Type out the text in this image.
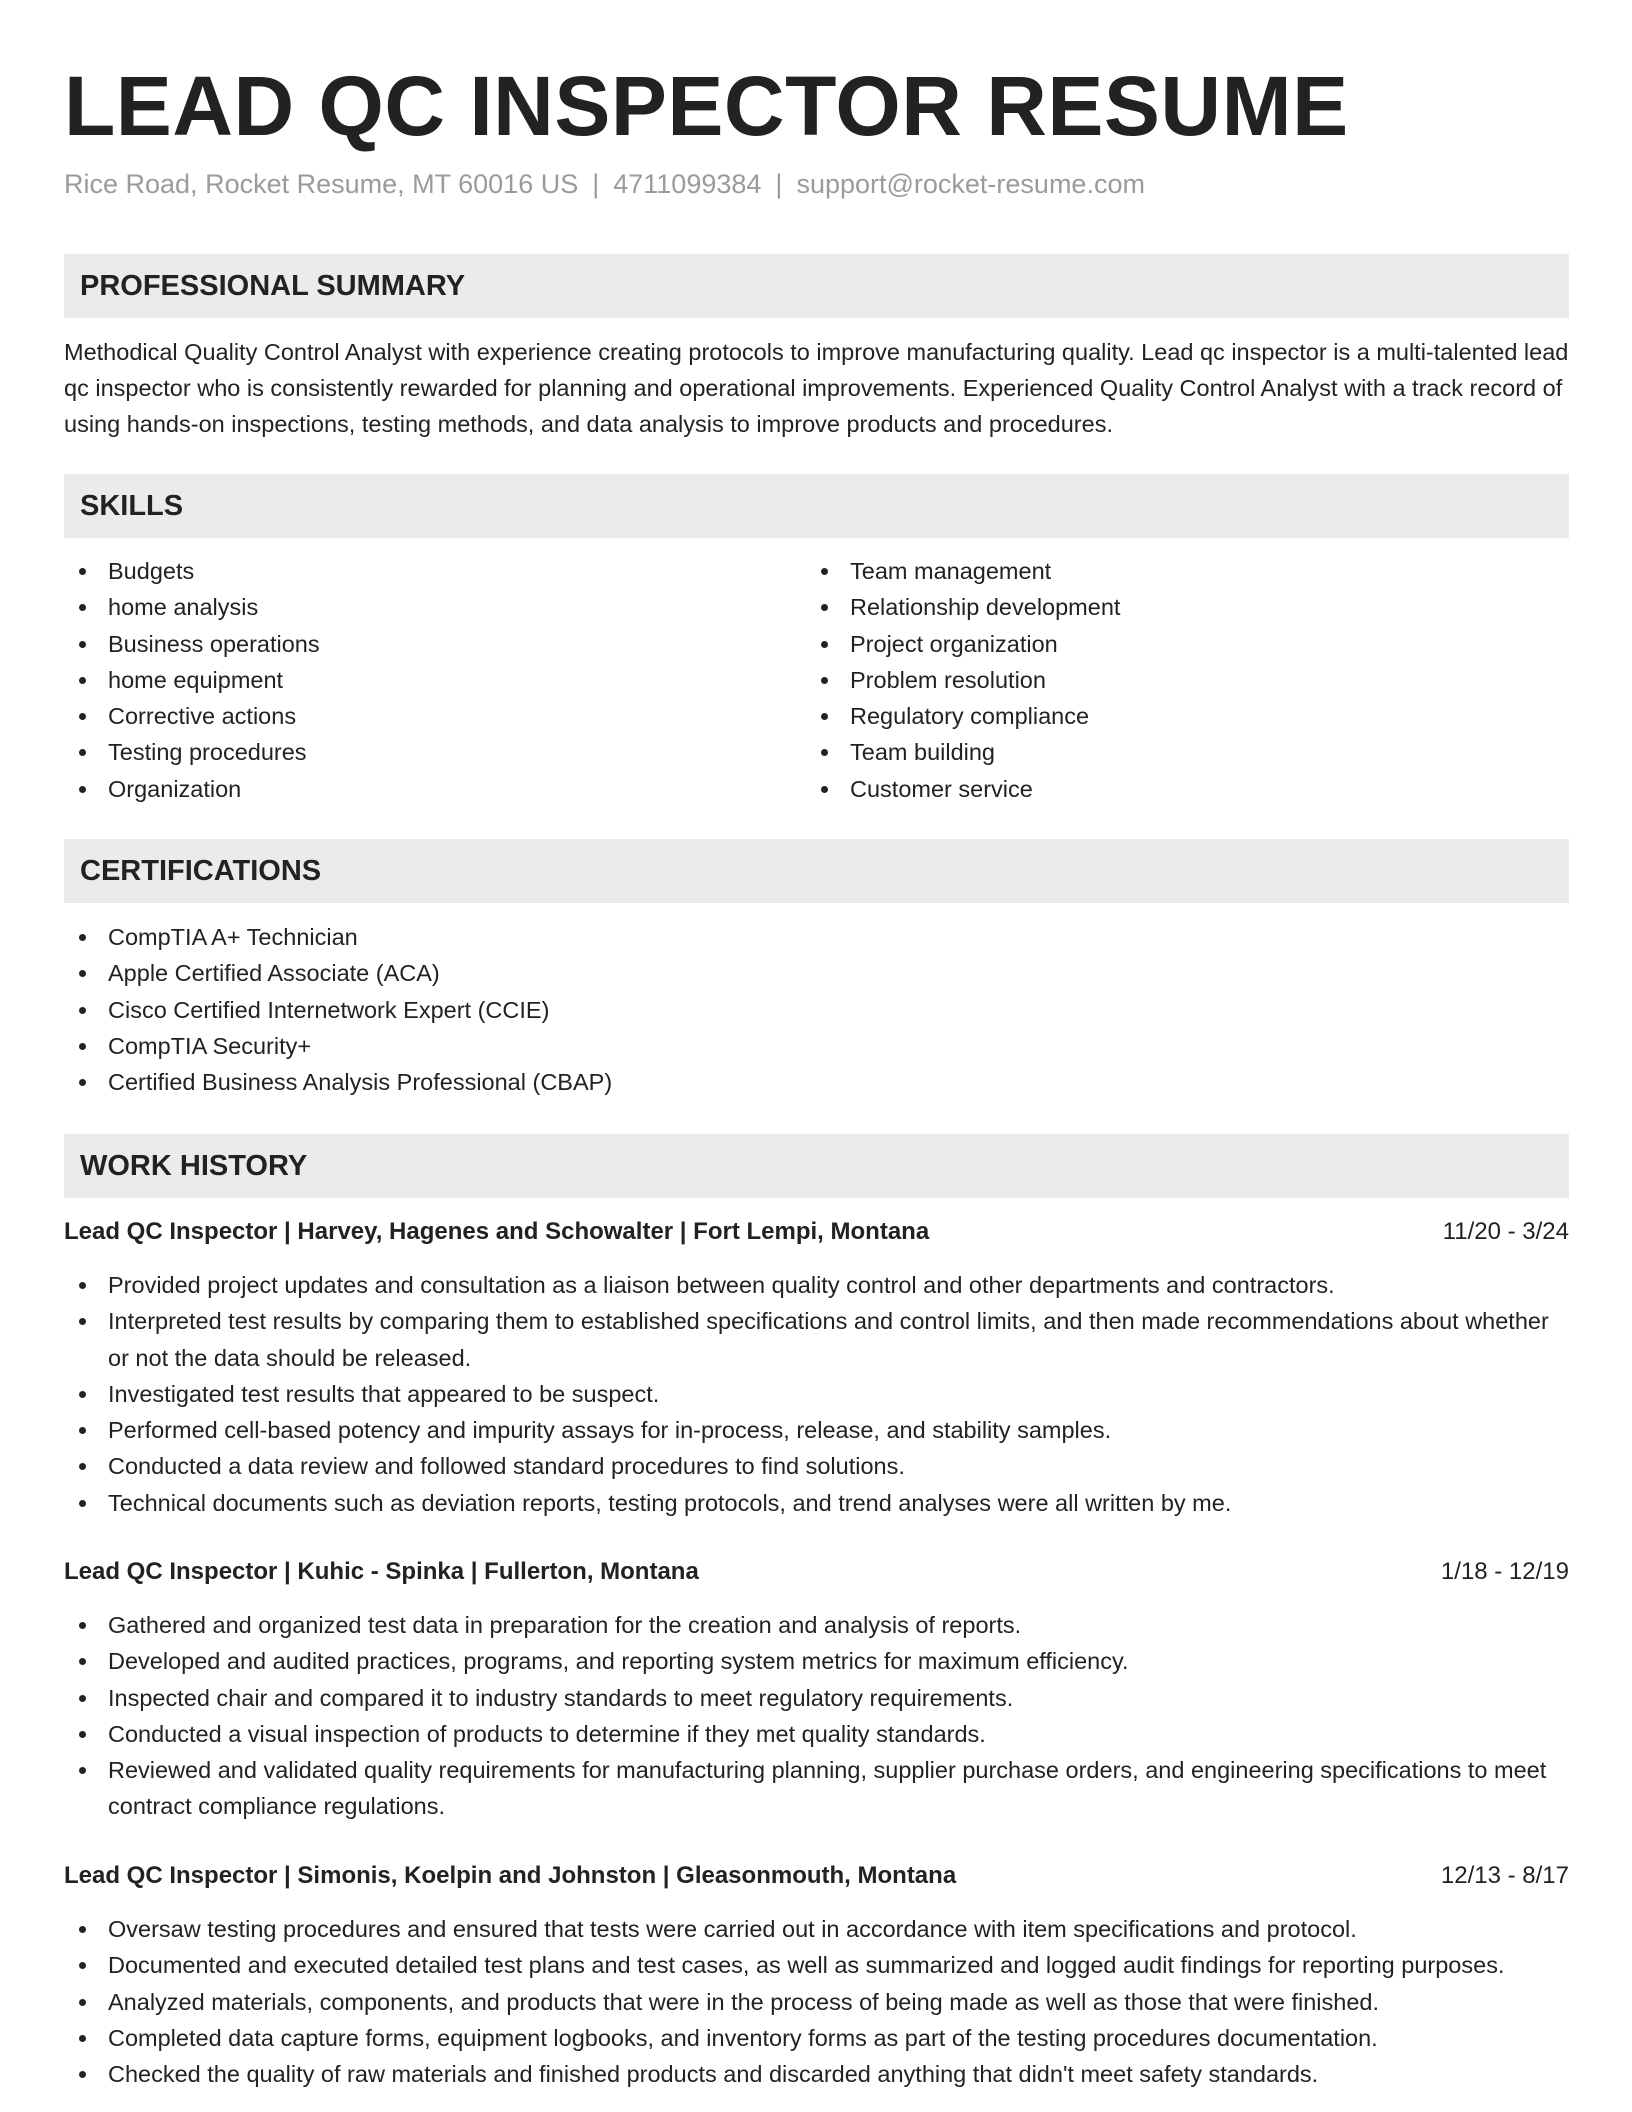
LEAD QC INSPECTOR RESUME
Rice Road, Rocket Resume, MT 60016 US | 4711099384 | support@rocket-resume.com
PROFESSIONAL SUMMARY

Methodical Quality Control Analyst with experience creating protocols to improve manufacturing quality. Lead qc inspector is a multi-talented lead qc inspector who is consistently rewarded for planning and operational improvements. Experienced Quality Control Analyst with a track record of using hands-on inspections, testing methods, and data analysis to improve products and procedures.

SKILLS
Budgets
home analysis
Business operations
home equipment
Corrective actions
Testing procedures
Organization
Team management
Relationship development
Project organization
Problem resolution
Regulatory compliance
Team building
Customer service
CERTIFICATIONS
CompTIA A+ Technician
Apple Certified Associate (ACA)
Cisco Certified Internetwork Expert (CCIE)
CompTIA Security+
Certified Business Analysis Professional (CBAP)
WORK HISTORY
Lead QC Inspector | Harvey, Hagenes and Schowalter | Fort Lempi, Montana	11/20 - 3/24
Provided project updates and consultation as a liaison between quality control and other departments and contractors.
Interpreted test results by comparing them to established specifications and control limits, and then made recommendations about whether or not the data should be released.
Investigated test results that appeared to be suspect.
Performed cell-based potency and impurity assays for in-process, release, and stability samples.
Conducted a data review and followed standard procedures to find solutions.
Technical documents such as deviation reports, testing protocols, and trend analyses were all written by me.
Lead QC Inspector | Kuhic - Spinka | Fullerton, Montana	1/18 - 12/19
Gathered and organized test data in preparation for the creation and analysis of reports.
Developed and audited practices, programs, and reporting system metrics for maximum efficiency.
Inspected chair and compared it to industry standards to meet regulatory requirements.
Conducted a visual inspection of products to determine if they met quality standards.
Reviewed and validated quality requirements for manufacturing planning, supplier purchase orders, and engineering specifications to meet contract compliance regulations.
Lead QC Inspector | Simonis, Koelpin and Johnston | Gleasonmouth, Montana	12/13 - 8/17
Oversaw testing procedures and ensured that tests were carried out in accordance with item specifications and protocol.
Documented and executed detailed test plans and test cases, as well as summarized and logged audit findings for reporting purposes.
Analyzed materials, components, and products that were in the process of being made as well as those that were finished.
Completed data capture forms, equipment logbooks, and inventory forms as part of the testing procedures documentation.
Checked the quality of raw materials and finished products and discarded anything that didn't meet safety standards.
